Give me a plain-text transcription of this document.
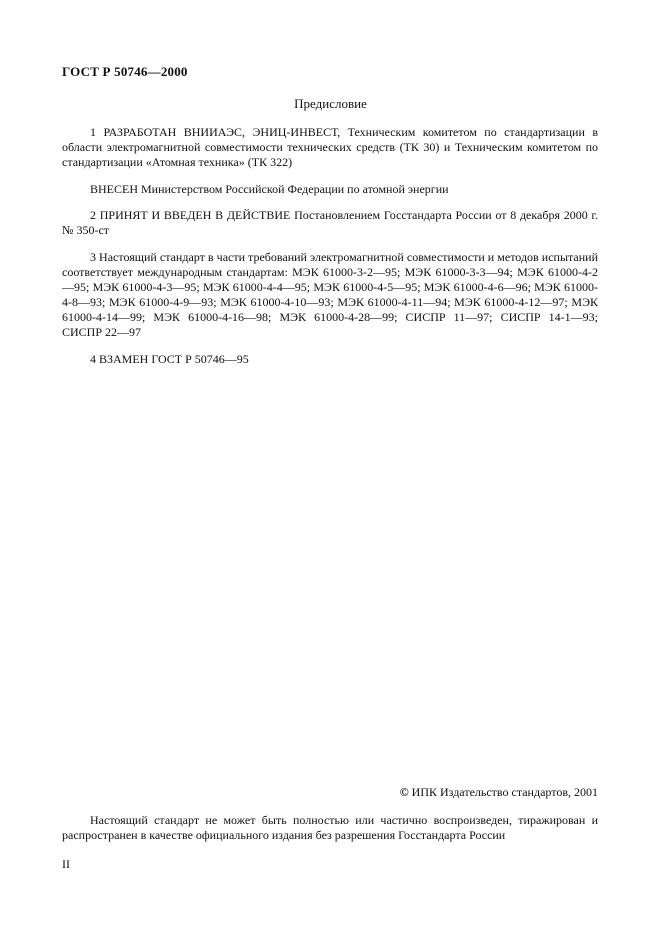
ГОСТ Р 50746—2000
Предисловие

1 РАЗРАБОТАН ВНИИАЭС, ЭНИЦ-ИНВЕСТ, Техническим комитетом по стандартизации в области электромагнитной совместимости технических средств (ТК 30) и Техническим комитетом по стандартизации «Атомная техника» (ТК 322)

ВНЕСЕН Министерством Российской Федерации по атомной энергии

2 ПРИНЯТ И ВВЕДЕН В ДЕЙСТВИЕ Постановлением Госстандарта России от 8 декабря 2000 г. № 350-ст

3 Настоящий стандарт в части требований электромагнитной совместимости и методов испытаний соответствует международным стандартам: МЭК 61000-3-2—95; МЭК 61000-3-3—94; МЭК 61000-4-2—95; МЭК 61000-4-3—95; МЭК 61000-4-4—95; МЭК 61000-4-5—95; МЭК 61000-4-6—96; МЭК 61000-4-8—93; МЭК 61000-4-9—93; МЭК 61000-4-10—93; МЭК 61000-4-11—94; МЭК 61000-4-12—97; МЭК 61000-4-14—99; МЭК 61000-4-16—98; МЭК 61000-4-28—99; СИСПР 11—97; СИСПР 14-1—93; СИСПР 22—97

4 ВЗАМЕН ГОСТ Р 50746—95

© ИПК Издательство стандартов, 2001
Настоящий стандарт не может быть полностью или частично воспроизведен, тиражирован и распространен в качестве официального издания без разрешения Госстандарта России
II
